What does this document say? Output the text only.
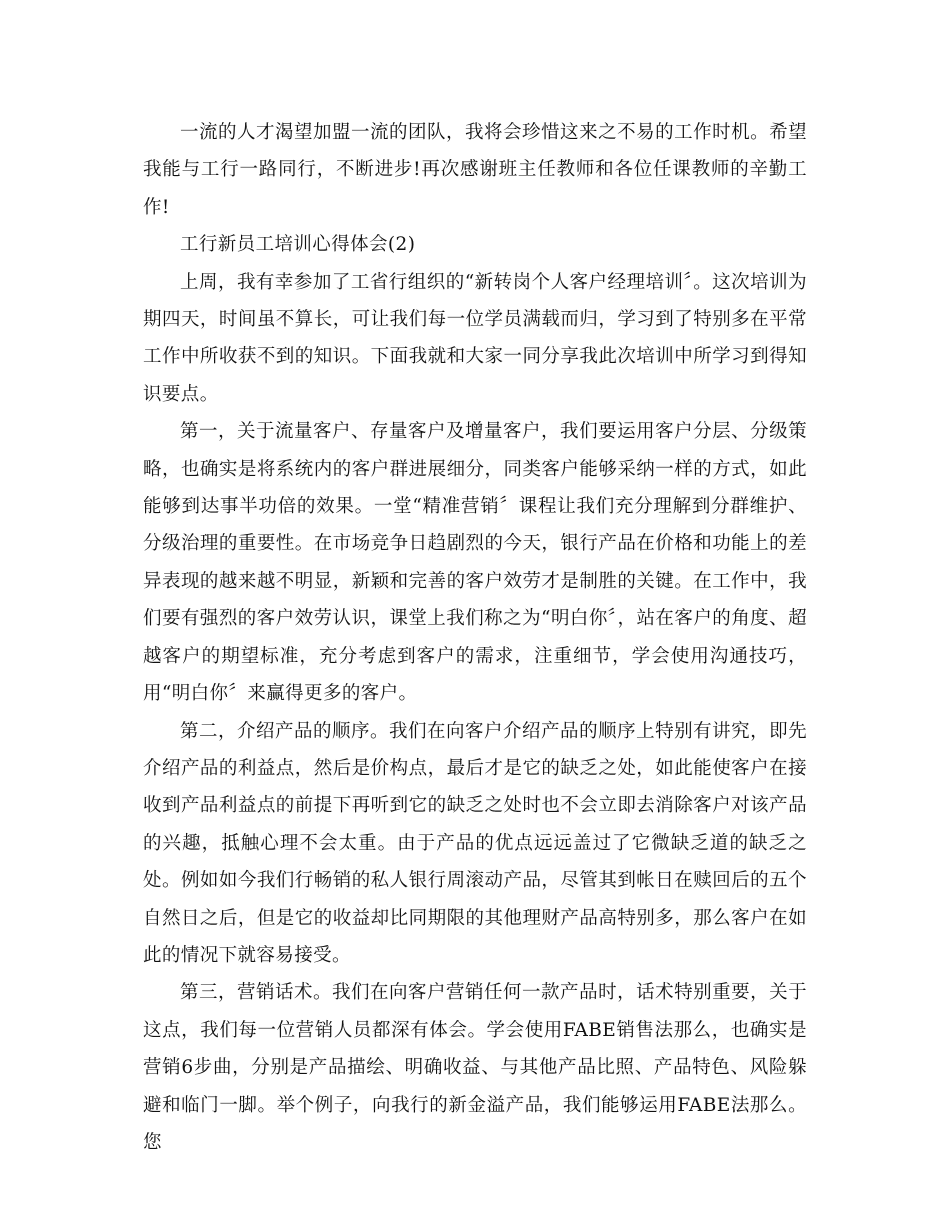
一流的人才渴望加盟一流的团队，我将会珍惜这来之不易的工作时机。希望我能与工行一路同行，不断进步!再次感谢班主任教师和各位任课教师的辛勤工作!

工行新员工培训心得体会(2)

上周，我有幸参加了工省行组织的“新转岗个人客户经理培训〞。这次培训为期四天，时间虽不算长，可让我们每一位学员满载而归，学习到了特别多在平常工作中所收获不到的知识。下面我就和大家一同分享我此次培训中所学习到得知识要点。

第一，关于流量客户、存量客户及增量客户，我们要运用客户分层、分级策略，也确实是将系统内的客户群进展细分，同类客户能够采纳一样的方式，如此能够到达事半功倍的效果。一堂“精准营销〞课程让我们充分理解到分群维护、分级治理的重要性。在市场竞争日趋剧烈的今天，银行产品在价格和功能上的差异表现的越来越不明显，新颖和完善的客户效劳才是制胜的关键。在工作中，我们要有强烈的客户效劳认识，课堂上我们称之为“明白你〞，站在客户的角度、超越客户的期望标准，充分考虑到客户的需求，注重细节，学会使用沟通技巧，用“明白你〞来赢得更多的客户。

第二，介绍产品的顺序。我们在向客户介绍产品的顺序上特别有讲究，即先介绍产品的利益点，然后是价构点，最后才是它的缺乏之处，如此能使客户在接收到产品利益点的前提下再听到它的缺乏之处时也不会立即去消除客户对该产品的兴趣，抵触心理不会太重。由于产品的优点远远盖过了它微缺乏道的缺乏之处。例如如今我们行畅销的私人银行周滚动产品，尽管其到帐日在赎回后的五个自然日之后，但是它的收益却比同期限的其他理财产品高特别多，那么客户在如此的情况下就容易接受。

第三，营销话术。我们在向客户营销任何一款产品时，话术特别重要，关于这点，我们每一位营销人员都深有体会。学会使用FABE销售法那么，也确实是营销6步曲，分别是产品描绘、明确收益、与其他产品比照、产品特色、风险躲避和临门一脚。举个例子，向我行的新金溢产品，我们能够运用FABE法那么。您
